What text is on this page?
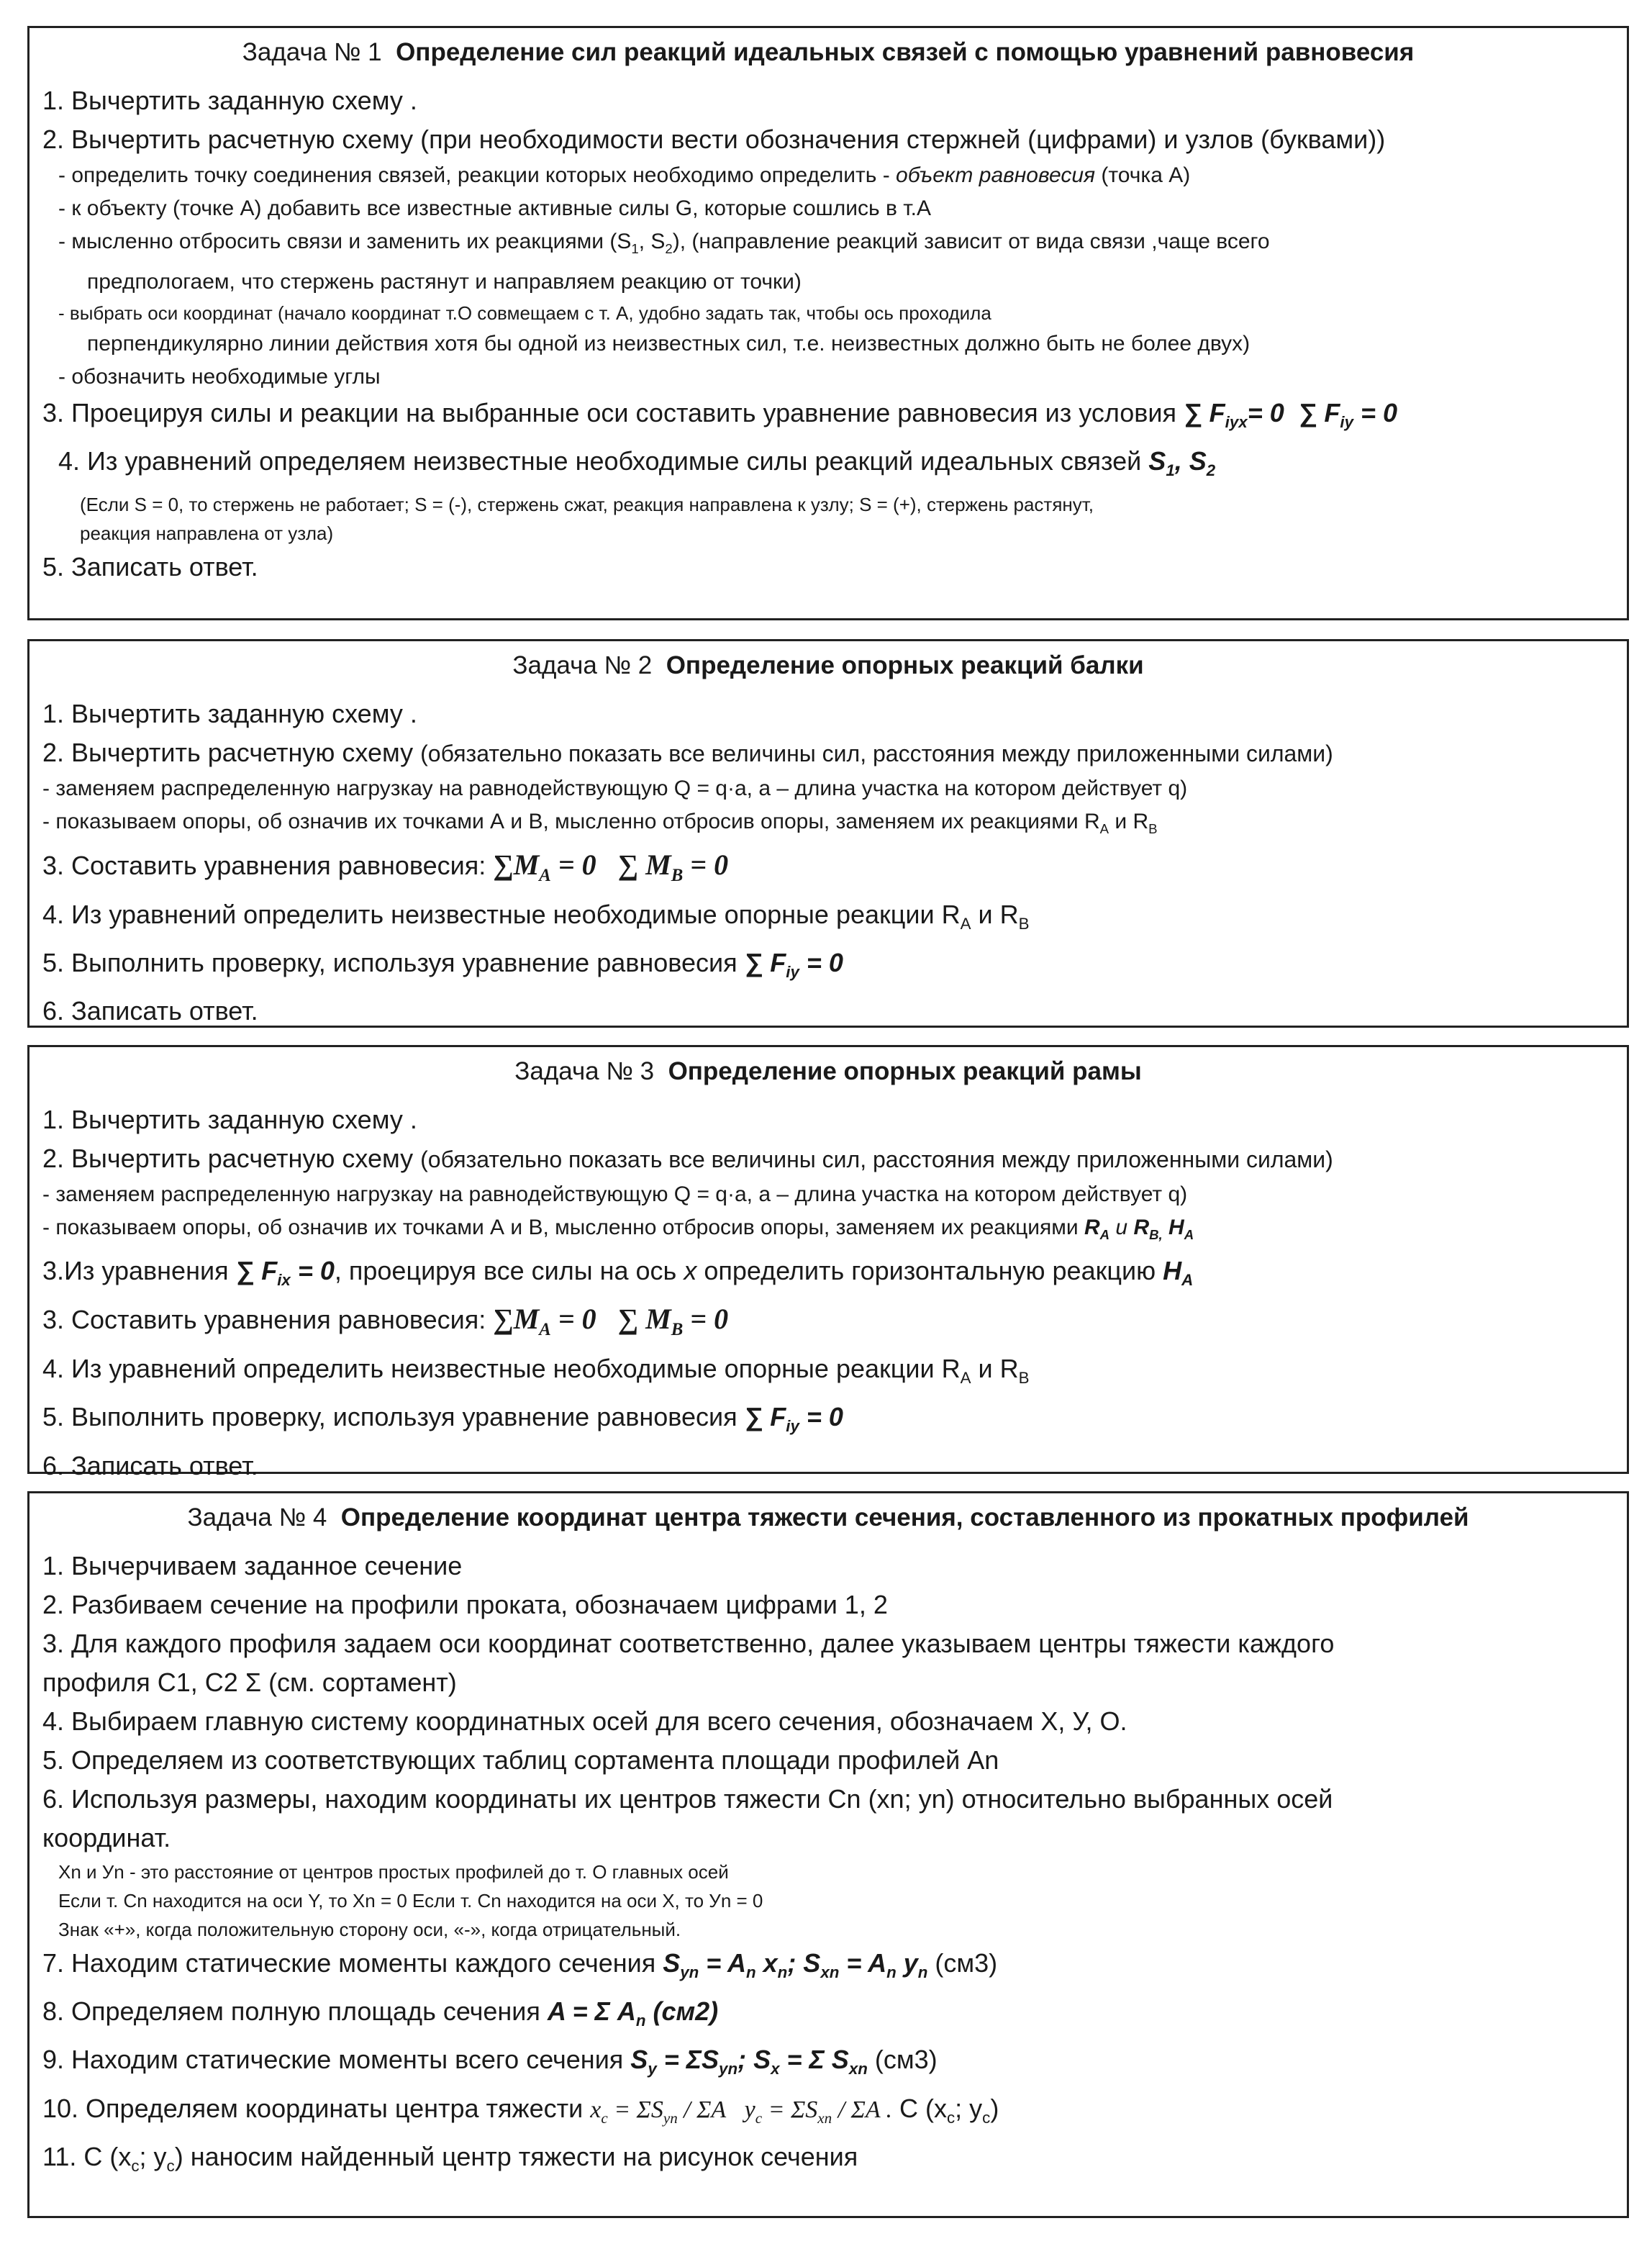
Задача № 1 Определение сил реакций идеальных связей с помощью уравнений равновесия
1. Вычертить заданную схему .
2. Вычертить расчетную схему (при необходимости вести обозначения стержней (цифрами) и узлов (буквами))
- определить точку соединения связей, реакции которых необходимо определить - объект равновесия (точка А)
- к объекту (точке А) добавить все известные активные силы G, которые сошлись в т.А
- мысленно отбросить связи и заменить их реакциями ($S_1$, $S_2$), (направление реакций зависит от вида связи ,чаще всего
предпологаем, что стержень растянут и направляем реакцию от точки)
- выбрать оси координат (начало координат т.О совмещаем с т. А, удобно задать так, чтобы ось проходила
перпендикулярно линии действия хотя бы одной из неизвестных сил, т.е. неизвестных должно быть не более двух)
- обозначить необходимые углы
3. Проецируя силы и реакции на выбранные оси составить уравнение равновесия из условия ∑ $F_{iyx}= 0$ ∑ $F_{iy} = 0$
4. Из уравнений определяем неизвестные необходимые силы реакций идеальных связей $S_1$, $S_2$
(Если S = 0, то стержень не работает; S = (-), стержень сжат, реакция направлена к узлу; S = (+), стержень растянут,
реакция направлена от узла)
5. Записать ответ.
Задача № 2 Определение опорных реакций балки
1. Вычертить заданную схему .
2. Вычертить расчетную схему (обязательно показать все величины сил, расстояния между приложенными силами)
- заменяем распределенную нагрузкау на равнодействующую Q = q·a, a – длина участка на котором действует q)
- показываем опоры, об означив их точками А и В, мысленно отбросив опоры, заменяем их реакциями $R_A$ и $R_B$
3. Составить уравнения равновесия: $\sum M_A = 0$ ∑ $M_B = 0$
4. Из уравнений определить неизвестные необходимые опорные реакции $R_A$ и $R_B$
5. Выполнить проверку, используя уравнение равновесия ∑ $F_{iy} = 0$
6. Записать ответ.
Задача № 3 Определение опорных реакций рамы
1. Вычертить заданную схему .
2. Вычертить расчетную схему (обязательно показать все величины сил, расстояния между приложенными силами)
- заменяем распределенную нагрузкау на равнодействующую Q = q·a, a – длина участка на котором действует q)
- показываем опоры, об означив их точками А и В, мысленно отбросив опоры, заменяем их реакциями $R_A$ и $R_{B,}$ $H_A$
3.Из уравнения ∑ $F_{ix} = 0$, проецируя все силы на ось x определить горизонтальную реакцию $H_A$
3. Составить уравнения равновесия: $\sum M_A = 0$ ∑ $M_B = 0$
4. Из уравнений определить неизвестные необходимые опорные реакции $R_A$ и $R_B$
5. Выполнить проверку, используя уравнение равновесия ∑ $F_{iy} = 0$
6. Записать ответ.
Задача № 4 Определение координат центра тяжести сечения, составленного из прокатных профилей
1. Вычерчиваем заданное сечение
2. Разбиваем сечение на профили проката, обозначаем цифрами 1, 2
3. Для каждого профиля задаем оси координат соответственно, далее указываем центры тяжести каждого
профиля С1, С2 Σ (см. сортамент)
4. Выбираем главную систему координатных осей для всего сечения, обозначаем Х, У, О.
5. Определяем из соответствующих таблиц сортамента площади профилей An
6. Используя размеры, находим координаты их центров тяжести Cn (xn; yn) относительно выбранных осей
координат.
Хn и Уn - это расстояние от центров простых профилей до т. О главных осей
Если т. Cn находится на оси Y, то Хn = 0 Если т. Cn находится на оси X, то Уn = 0
Знак «+», когда положительную сторону оси, «-», когда отрицательный.
7. Находим статические моменты каждого сечения $S_{yn} = A_n$ $x_n$; $S_{xn} = A_n$ $y_n$ (см3)
8. Определяем полную площадь сечения A = Σ $A_n$ (см2)
9. Находим статические моменты всего сечения $S_y = \Sigma S_{yn}$; $S_x = \Sigma$ $S_{xn}$ (см3)
10. Определяем координаты центра тяжести $x_c = \Sigma S_{yn} / \Sigma A$ $y_c = \Sigma S_{xn} / \Sigma A$ . С ($x_c$; $y_c$)
11. С ($x_c$; $y_c$) наносим найденный центр тяжести на рисунок сечения
